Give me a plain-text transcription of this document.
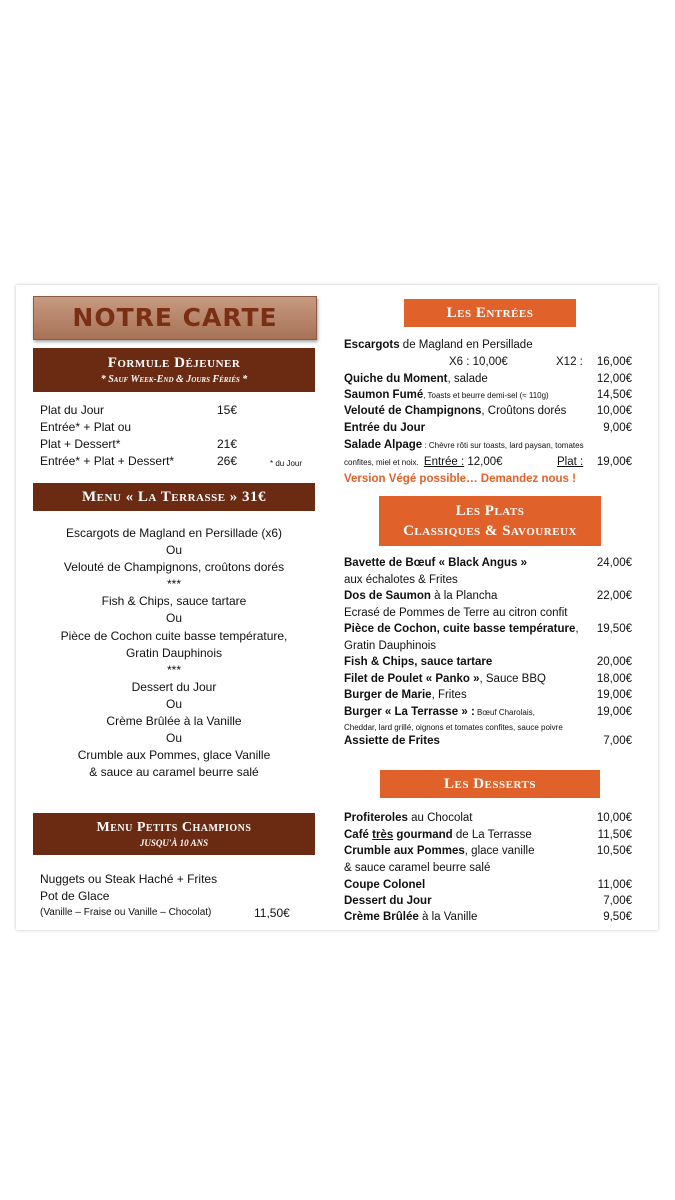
NOTRE CARTE
Formule Déjeuner
* Sauf Week-End & Jours Fériés *
Plat du Jour	15€
Entrée* + Plat ou
Plat + Dessert*	21€
Entrée* + Plat + Dessert*	26€	* du Jour
Menu « La Terrasse » 31€
Escargots de Magland en Persillade (x6)
Ou
Velouté de Champignons, croûtons dorés
***
Fish & Chips, sauce tartare
Ou
Pièce de Cochon cuite basse température,
Gratin Dauphinois
***
Dessert du Jour
Ou
Crème Brûlée à la Vanille
Ou
Crumble aux Pommes, glace Vanille
& sauce au caramel beurre salé
Menu Petits Champions
JUSQU'À 10 ANS
Nuggets ou Steak Haché + Frites
Pot de Glace
(Vanille – Fraise ou Vanille – Chocolat)	11,50€
Les Entrées
Escargots de Magland en Persillade
X6 : 10,00€	X12 :	16,00€
Quiche du Moment, salade	12,00€
Saumon Fumé, Toasts et beurre demi-sel (≈ 110g)	14,50€
Velouté de Champignons, Croûtons dorés	10,00€
Entrée du Jour	9,00€
Salade Alpage : Chèvre rôti sur toasts, lard paysan, tomates
confites, miel et noix. Entrée : 12,00€	Plat :	19,00€
Version Végé possible… Demandez nous !
Les Plats
Classiques & Savoureux
Bavette de Bœuf « Black Angus »	24,00€
aux échalotes & Frites
Dos de Saumon à la Plancha	22,00€
Ecrasé de Pommes de Terre au citron confit
Pièce de Cochon, cuite basse température,	19,50€
Gratin Dauphinois
Fish & Chips, sauce tartare	20,00€
Filet de Poulet « Panko », Sauce BBQ	18,00€
Burger de Marie, Frites	19,00€
Burger « La Terrasse » : Bœuf Charolais,	19,00€
Cheddar, lard grillé, oignons et tomates confites, sauce poivre
Assiette de Frites	7,00€
Les Desserts
Profiteroles au Chocolat	10,00€
Café très gourmand de La Terrasse	11,50€
Crumble aux Pommes, glace vanille	10,50€
& sauce caramel beurre salé
Coupe Colonel	11,00€
Dessert du Jour	7,00€
Crème Brûlée à la Vanille	9,50€
